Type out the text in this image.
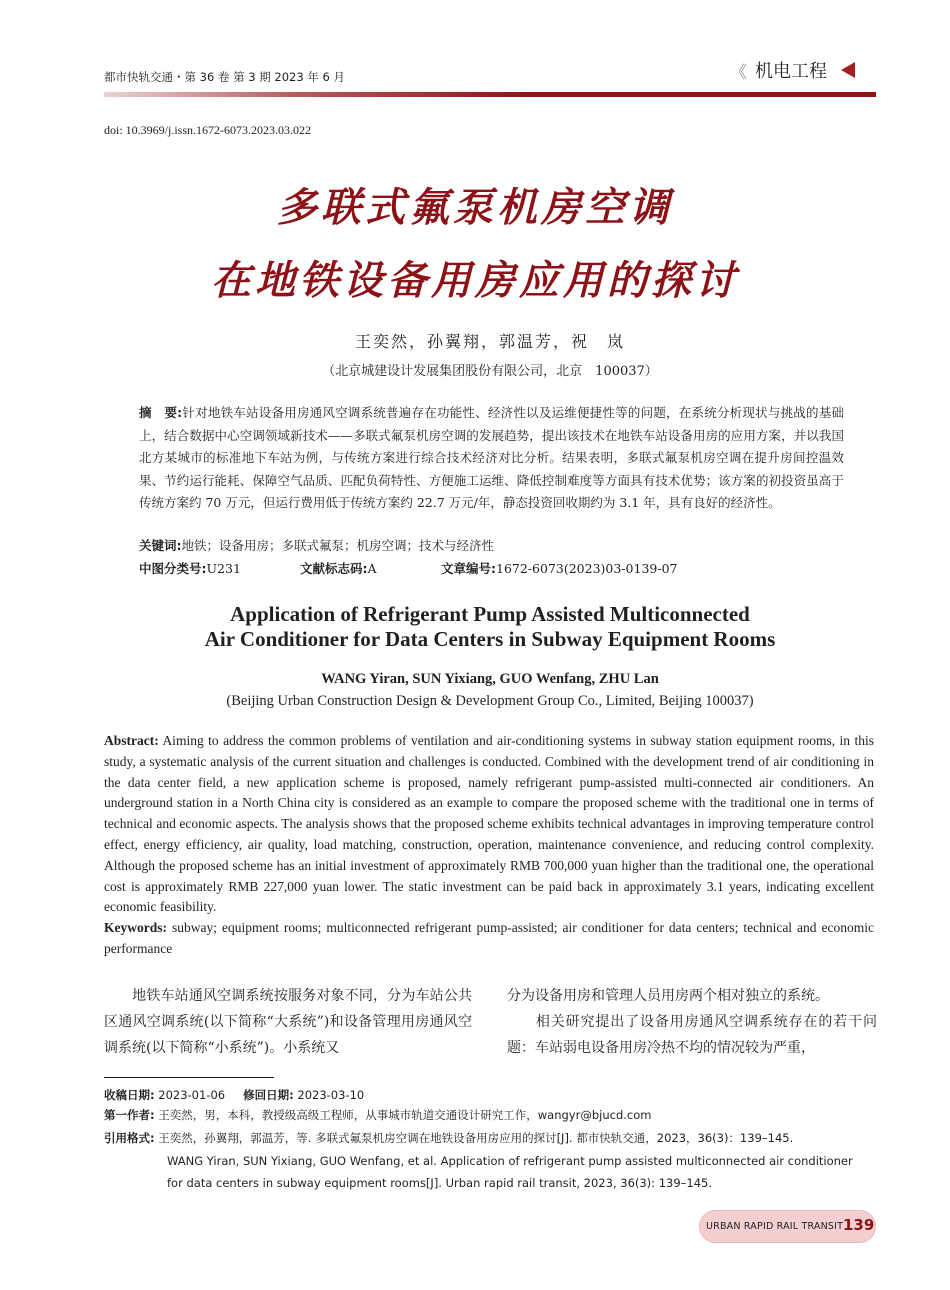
都市快轨交通・第 36 卷 第 3 期 2023 年 6 月	《 机电工程
doi: 10.3969/j.issn.1672-6073.2023.03.022
多联式氟泵机房空调
在地铁设备用房应用的探讨
王奕然，孙翼翔，郭温芳，祝　岚
（北京城建设计发展集团股份有限公司，北京　100037）
摘　要:针对地铁车站设备用房通风空调系统普遍存在功能性、经济性以及运维便捷性等的问题，在系统分析现状与挑战的基础上，结合数据中心空调领域新技术——多联式氟泵机房空调的发展趋势，提出该技术在地铁车站设备用房的应用方案，并以我国北方某城市的标准地下车站为例，与传统方案进行综合技术经济对比分析。结果表明，多联式氟泵机房空调在提升房间控温效果、节约运行能耗、保障空气品质、匹配负荷特性、方便施工运维、降低控制难度等方面具有技术优势；该方案的初投资虽高于传统方案约 70 万元，但运行费用低于传统方案约 22.7 万元/年，静态投资回收期约为 3.1 年，具有良好的经济性。
关键词:地铁；设备用房；多联式氟泵；机房空调；技术与经济性
中图分类号:U231	文献标志码:A	文章编号:1672-6073(2023)03-0139-07
Application of Refrigerant Pump Assisted Multiconnected
Air Conditioner for Data Centers in Subway Equipment Rooms
WANG Yiran, SUN Yixiang, GUO Wenfang, ZHU Lan
(Beijing Urban Construction Design & Development Group Co., Limited, Beijing 100037)
Abstract: Aiming to address the common problems of ventilation and air-conditioning systems in subway station equipment rooms, in this study, a systematic analysis of the current situation and challenges is conducted. Combined with the development trend of air conditioning in the data center field, a new application scheme is proposed, namely refrigerant pump-assisted multi-connected air conditioners. An underground station in a North China city is considered as an example to compare the proposed scheme with the traditional one in terms of technical and economic aspects. The analysis shows that the proposed scheme exhibits technical advantages in improving temperature control effect, energy efficiency, air quality, load matching, construction, operation, maintenance convenience, and reducing control complexity. Although the proposed scheme has an initial investment of approximately RMB 700,000 yuan higher than the traditional one, the operational cost is approximately RMB 227,000 yuan lower. The static investment can be paid back in approximately 3.1 years, indicating excellent economic feasibility.
Keywords: subway; equipment rooms; multiconnected refrigerant pump-assisted; air conditioner for data centers; technical and economic performance
地铁车站通风空调系统按服务对象不同，分为车站公共区通风空调系统(以下简称“大系统”)和设备管理用房通风空调系统(以下简称“小系统”)。小系统又
分为设备用房和管理人员用房两个相对独立的系统。
相关研究提出了设备用房通风空调系统存在的若干问题：车站弱电设备用房冷热不均的情况较为严重，
收稿日期: 2023-01-06 修回日期: 2023-03-10
第一作者: 王奕然，男，本科，教授级高级工程师，从事城市轨道交通设计研究工作，wangyr@bjucd.com
引用格式: 王奕然，孙翼翔，郭温芳，等. 多联式氟泵机房空调在地铁设备用房应用的探讨[J]. 都市快轨交通，2023，36(3)：139–145.
WANG Yiran, SUN Yixiang, GUO Wenfang, et al. Application of refrigerant pump assisted multiconnected air conditioner
for data centers in subway equipment rooms[J]. Urban rapid rail transit, 2023, 36(3): 139–145.
URBAN RAPID RAIL TRANSIT 139
